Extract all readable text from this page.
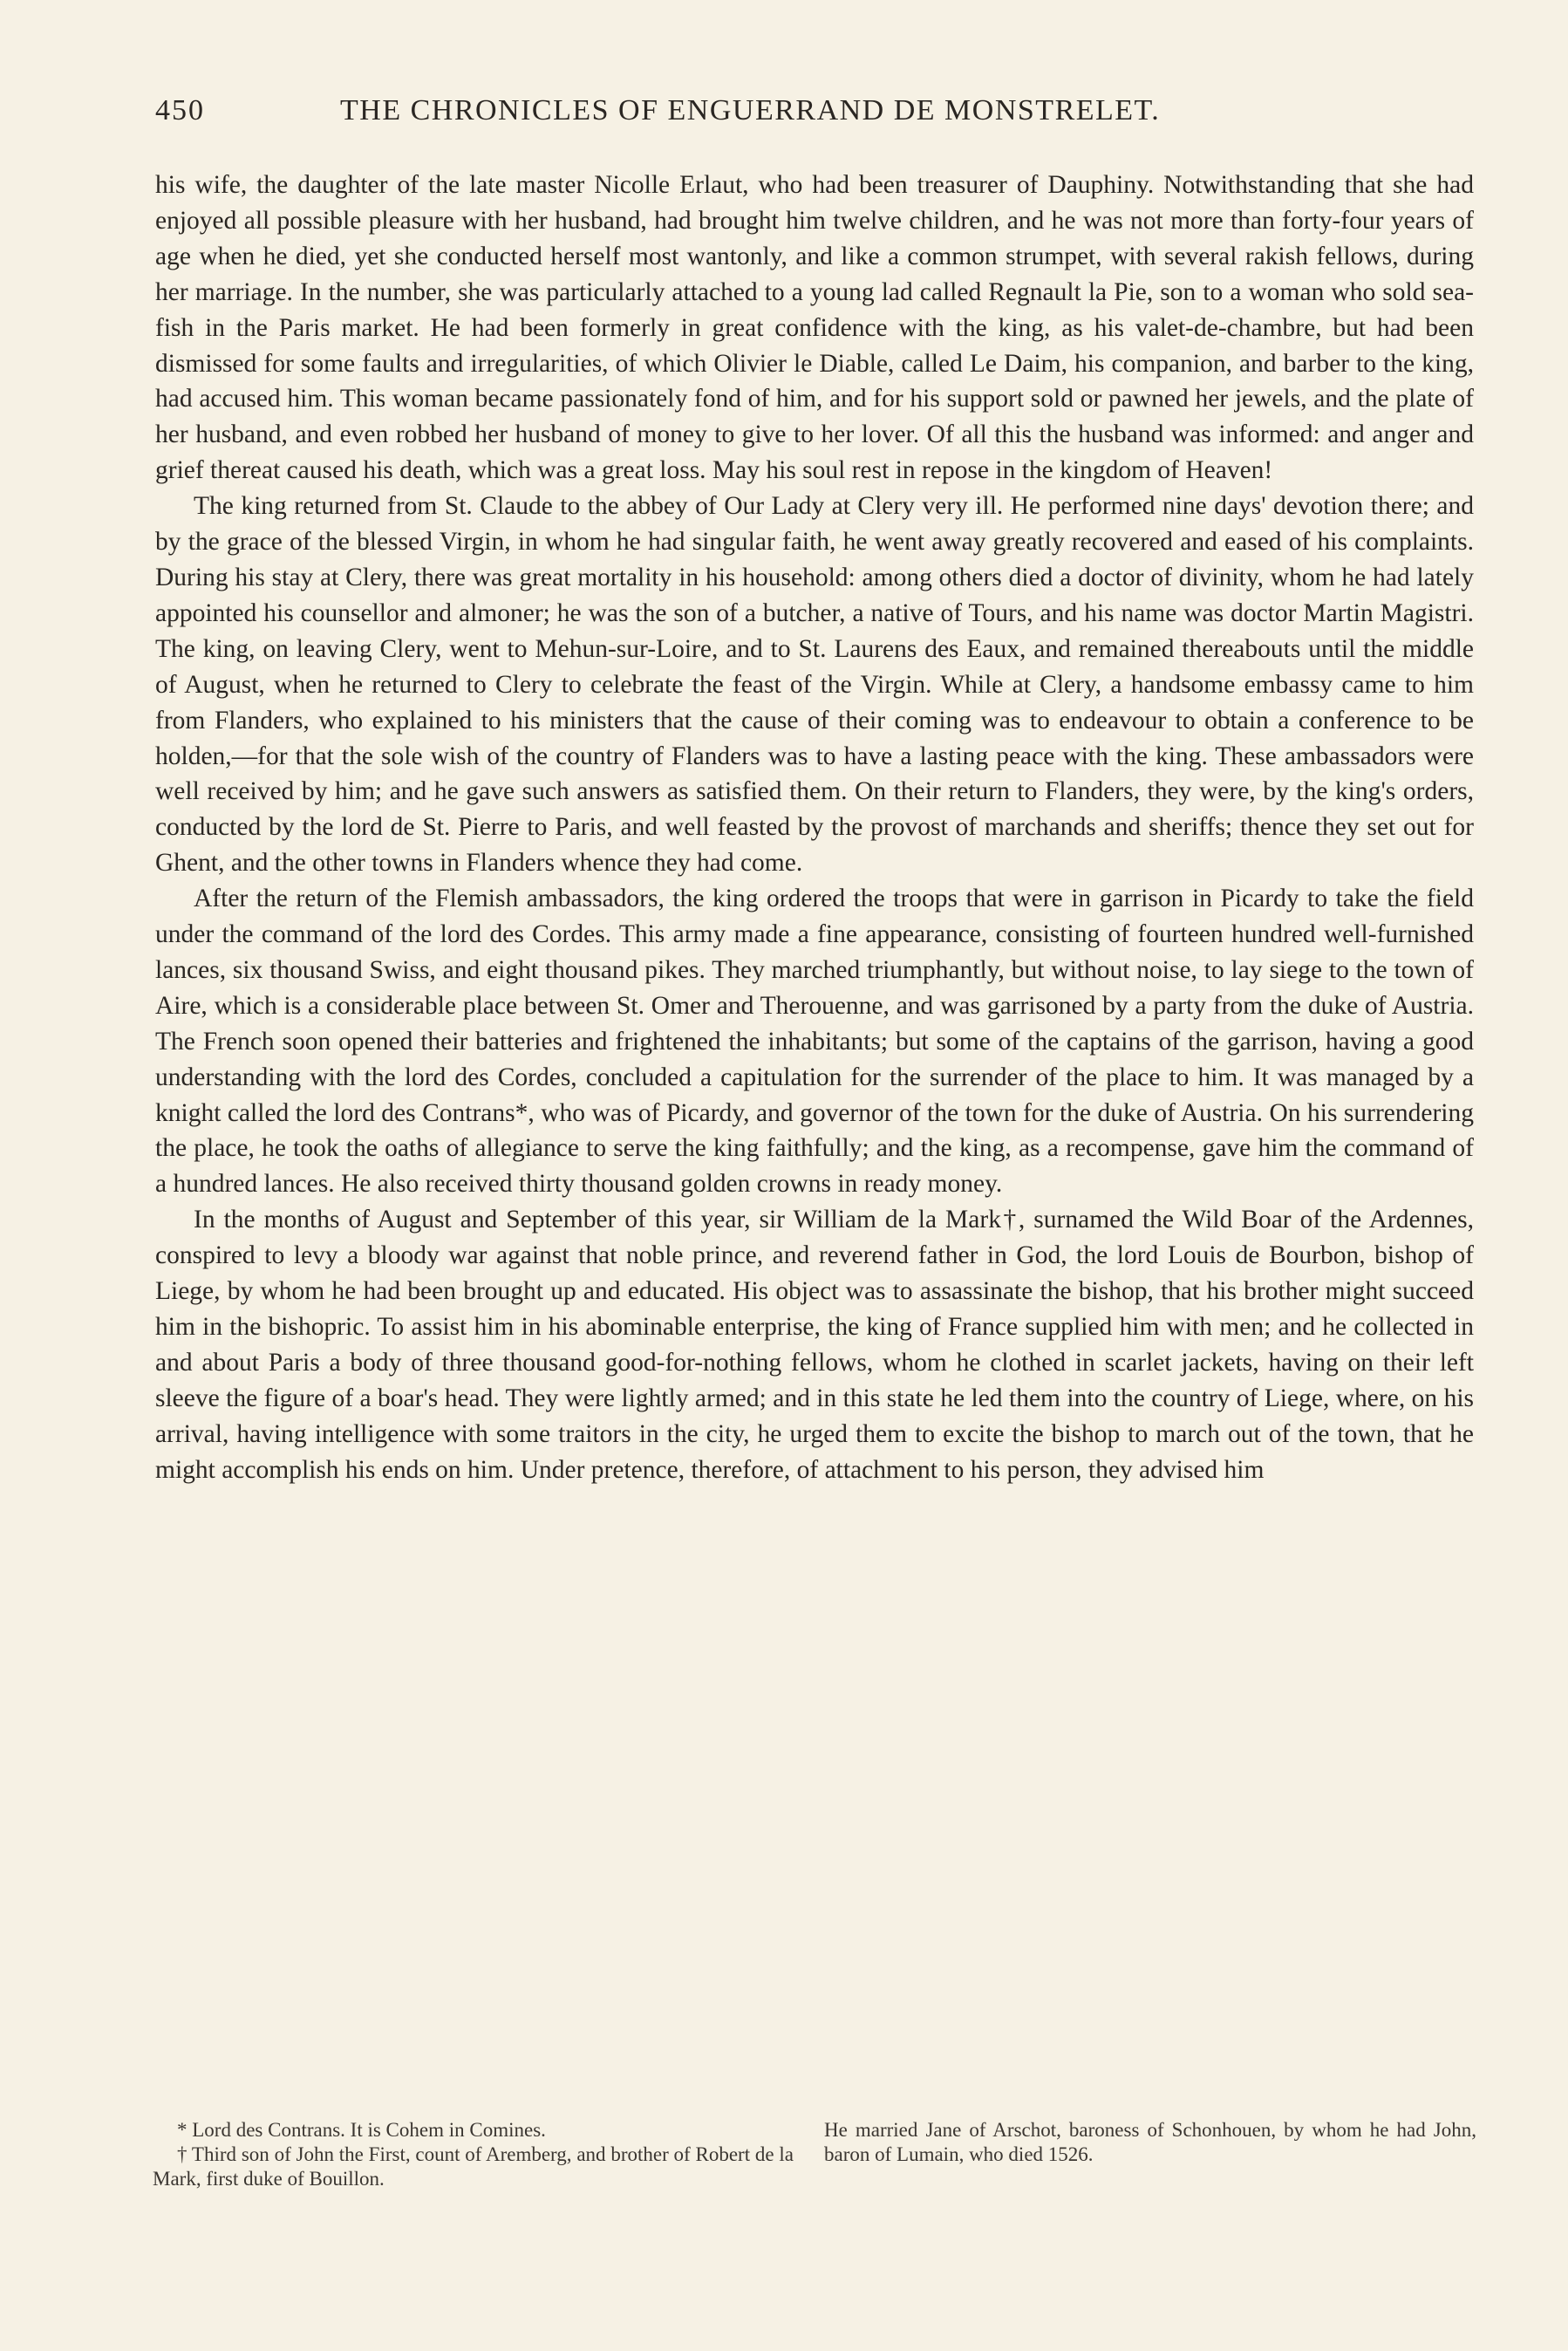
450	THE CHRONICLES OF ENGUERRAND DE MONSTRELET.

his wife, the daughter of the late master Nicolle Erlaut, who had been treasurer of Dauphiny. Notwithstanding that she had enjoyed all possible pleasure with her husband, had brought him twelve children, and he was not more than forty-four years of age when he died, yet she conducted herself most wantonly, and like a common strumpet, with several rakish fellows, during her marriage. In the number, she was particularly attached to a young lad called Regnault la Pie, son to a woman who sold sea-fish in the Paris market. He had been formerly in great confidence with the king, as his valet-de-chambre, but had been dismissed for some faults and irregularities, of which Olivier le Diable, called Le Daim, his companion, and barber to the king, had accused him. This woman became passionately fond of him, and for his support sold or pawned her jewels, and the plate of her husband, and even robbed her husband of money to give to her lover. Of all this the husband was informed: and anger and grief thereat caused his death, which was a great loss. May his soul rest in repose in the kingdom of Heaven!

The king returned from St. Claude to the abbey of Our Lady at Clery very ill. He performed nine days' devotion there; and by the grace of the blessed Virgin, in whom he had singular faith, he went away greatly recovered and eased of his complaints. During his stay at Clery, there was great mortality in his household: among others died a doctor of divinity, whom he had lately appointed his counsellor and almoner; he was the son of a butcher, a native of Tours, and his name was doctor Martin Magistri. The king, on leaving Clery, went to Mehun-sur-Loire, and to St. Laurens des Eaux, and remained thereabouts until the middle of August, when he returned to Clery to celebrate the feast of the Virgin. While at Clery, a handsome embassy came to him from Flanders, who explained to his ministers that the cause of their coming was to endeavour to obtain a conference to be holden,—for that the sole wish of the country of Flanders was to have a lasting peace with the king. These ambassadors were well received by him; and he gave such answers as satisfied them. On their return to Flanders, they were, by the king's orders, conducted by the lord de St. Pierre to Paris, and well feasted by the provost of marchands and sheriffs; thence they set out for Ghent, and the other towns in Flanders whence they had come.

After the return of the Flemish ambassadors, the king ordered the troops that were in garrison in Picardy to take the field under the command of the lord des Cordes. This army made a fine appearance, consisting of fourteen hundred well-furnished lances, six thousand Swiss, and eight thousand pikes. They marched triumphantly, but without noise, to lay siege to the town of Aire, which is a considerable place between St. Omer and Therouenne, and was garrisoned by a party from the duke of Austria. The French soon opened their batteries and frightened the inhabitants; but some of the captains of the garrison, having a good understanding with the lord des Cordes, concluded a capitulation for the surrender of the place to him. It was managed by a knight called the lord des Contrans*, who was of Picardy, and governor of the town for the duke of Austria. On his surrendering the place, he took the oaths of allegiance to serve the king faithfully; and the king, as a recompense, gave him the command of a hundred lances. He also received thirty thousand golden crowns in ready money.

In the months of August and September of this year, sir William de la Mark†, surnamed the Wild Boar of the Ardennes, conspired to levy a bloody war against that noble prince, and reverend father in God, the lord Louis de Bourbon, bishop of Liege, by whom he had been brought up and educated. His object was to assassinate the bishop, that his brother might succeed him in the bishopric. To assist him in his abominable enterprise, the king of France supplied him with men; and he collected in and about Paris a body of three thousand good-for-nothing fellows, whom he clothed in scarlet jackets, having on their left sleeve the figure of a boar's head. They were lightly armed; and in this state he led them into the country of Liege, where, on his arrival, having intelligence with some traitors in the city, he urged them to excite the bishop to march out of the town, that he might accomplish his ends on him. Under pretence, therefore, of attachment to his person, they advised him

* Lord des Contrans. It is Cohem in Comines.

† Third son of John the First, count of Aremberg, and brother of Robert de la Mark, first duke of Bouillon.

He married Jane of Arschot, baroness of Schonhouen, by whom he had John, baron of Lumain, who died 1526.
